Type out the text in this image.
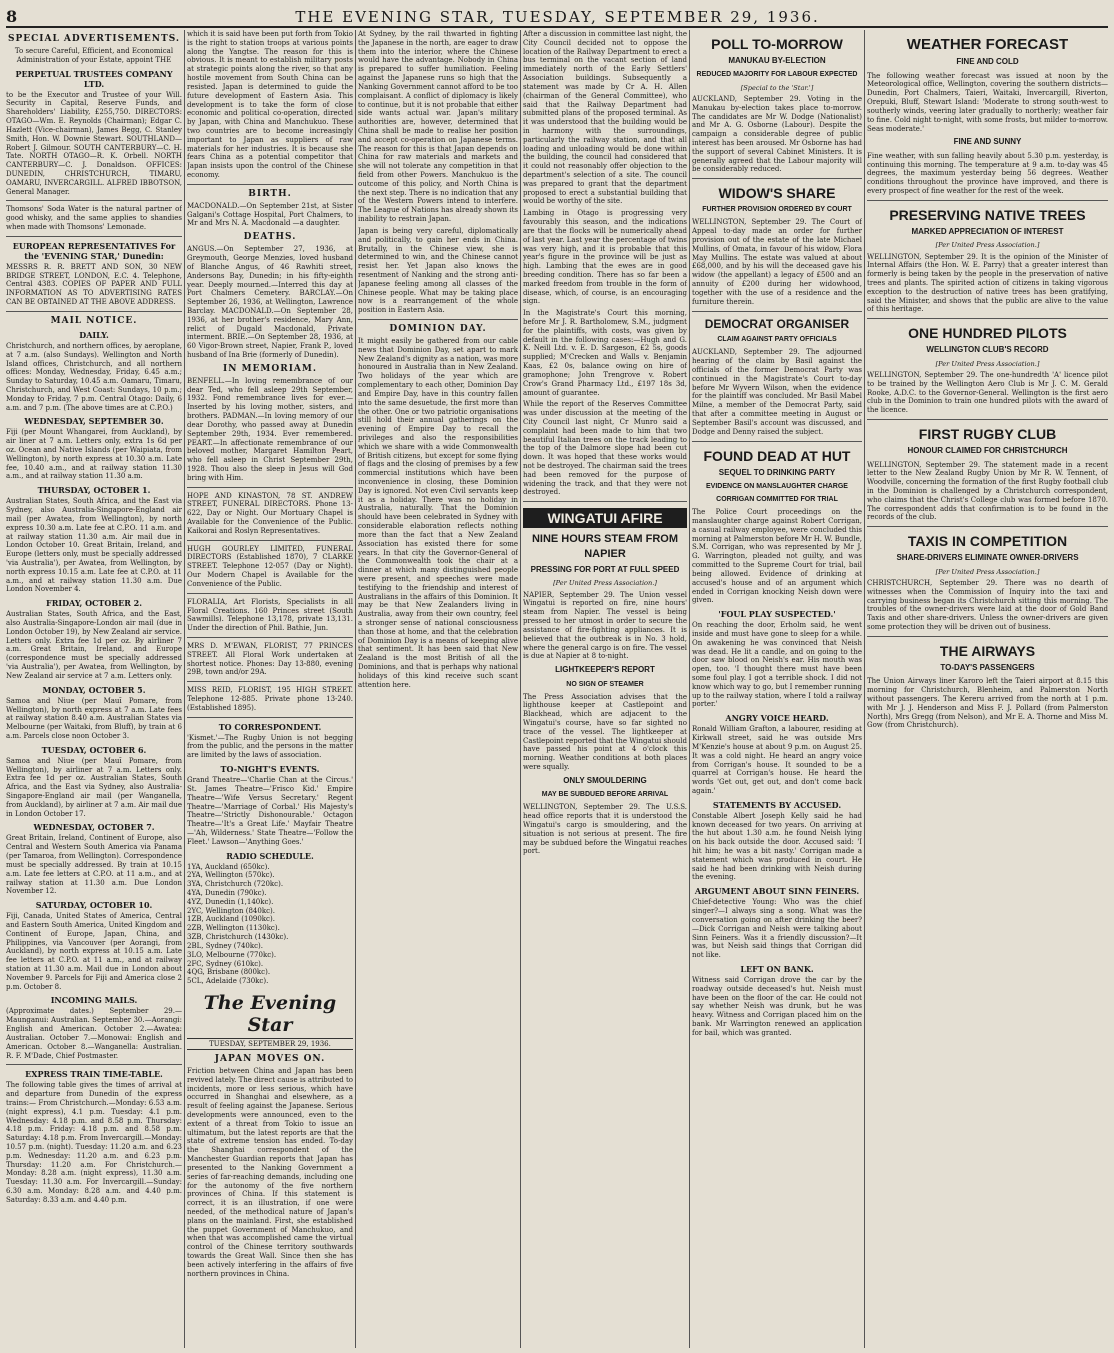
8	THE EVENING STAR, TUESDAY, SEPTEMBER 29, 1936.
SPECIAL ADVERTISEMENTS.

To secure Careful, Efficient, and Economical Administration of your Estate, appoint THE

PERPETUAL TRUSTEES COMPANY LTD.

to be the Executor and Trustee of your Will. Security in Capital, Reserve Funds, and Shareholders' Liability, £255,750. DIRECTORS: OTAGO—Wm. E. Reynolds (Chairman); Edgar C. Hazlett (Vice-chairman), James Begg, C. Stanley Smith, Hon. W. Downie Stewart. SOUTHLAND—Robert J. Gilmour. SOUTH CANTERBURY—C. H. Tate. NORTH OTAGO—R. K. Orbell. NORTH CANTERBURY—C. J. Donaldson. OFFICES: DUNEDIN, CHRISTCHURCH, TIMARU, OAMARU, INVERCARGILL. ALFRED IBBOTSON, General Manager.

Thomsons' Soda Water is the natural partner of good whisky, and the same applies to shandies when made with Thomsons' Lemonade.

EUROPEAN REPRESENTATIVES For the 'EVENING STAR,' Dunedin:

MESSRS R. R. BRETT AND SON, 30 NEW BRIDGE STREET, LONDON, E.C. 4. Telephone, Central 4383. COPIES OF PAPER AND FULL INFORMATION AS TO ADVERTISING RATES CAN BE OBTAINED AT THE ABOVE ADDRESS.

MAIL NOTICE.
DAILY.

Christchurch, and northern offices, by aeroplane, at 7 a.m. (also Sundays). Wellington and North Island offices, Christchurch, and all northern offices: Monday, Wednesday, Friday, 6.45 a.m.; Sunday to Saturday, 10.45 a.m. Oamaru, Timaru, Christchurch, and West Coast: Sundays, 10 p.m.; Monday to Friday, 7 p.m. Central Otago: Daily, 6 a.m. and 7 p.m. (The above times are at C.P.O.)

WEDNESDAY, SEPTEMBER 30.

Fiji (per Mount Whangarei, from Auckland), by air liner at 7 a.m. Letters only, extra 1s 6d per oz. Ocean and Native Islands (per Waipiata, from Wellington), by north express at 10.30 a.m. Late fee, 10.40 a.m., and at railway station 11.30 a.m., and at railway station 11.30 a.m.

THURSDAY, OCTOBER 1.

Australian States, South Africa, and the East via Sydney, also Australia-Singapore-England air mail (per Awatea, from Wellington), by north express 10.30 a.m. Late fee at C.P.O. 11 a.m. and at railway station 11.30 a.m. Air mail due in London October 10. Great Britain, Ireland, and Europe (letters only, must be specially addressed 'via Australia'), per Awatea, from Wellington, by north express 10.15 a.m. Late fee at C.P.O. at 11 a.m., and at railway station 11.30 a.m. Due London November 4.

FRIDAY, OCTOBER 2.

Australian States, South Africa, and the East, also Australia-Singapore-London air mail (due in London October 19), by New Zealand air service. Letters only. Extra fee 1d per oz. By airliner 7 a.m. Great Britain, Ireland, and Europe (correspondence must be specially addressed 'via Australia'), per Awatea, from Wellington, by New Zealand air service at 7 a.m. Letters only.

MONDAY, OCTOBER 5.

Samoa and Niue (per Mauī Pomare, from Wellington), by north express at 7 a.m. Late fees at railway station 8.40 a.m. Australian States via Melbourne (per Waitaki, from Bluff), by train at 6 a.m. Parcels close noon October 3.

TUESDAY, OCTOBER 6.

Samoa and Niue (per Mauī Pomare, from Wellington), by airliner at 7 a.m. Letters only. Extra fee 1d per oz. Australian States, South Africa, and the East via Sydney, also Australia-Singapore-England air mail (per Wanganella, from Auckland), by airliner at 7 a.m. Air mail due in London October 17.

WEDNESDAY, OCTOBER 7.

Great Britain, Ireland, Continent of Europe, also Central and Western South America via Panama (per Tamaroa, from Wellington). Correspondence must be specially addressed. By train at 10.15 a.m. Late fee letters at C.P.O. at 11 a.m., and at railway station at 11.30 a.m. Due London November 12.

SATURDAY, OCTOBER 10.

Fiji, Canada, United States of America, Central and Eastern South America, United Kingdom and Continent of Europe, Japan, China, and Philippines, via Vancouver (per Aorangi, from Auckland), by north express at 10.15 a.m. Late fee letters at C.P.O. at 11 a.m., and at railway station at 11.30 a.m. Mail due in London about November 9. Parcels for Fiji and America close 2 p.m. October 8.

INCOMING MAILS.

(Approximate dates.) September 29.—Maunganui: Australian. September 30.—Aorangi: English and American. October 2.—Awatea: Australian. October 7.—Monowai: English and American. October 8.—Wanganella: Australian. R. F. M'Dade, Chief Postmaster.

EXPRESS TRAIN TIME-TABLE.

The following table gives the times of arrival at and departure from Dunedin of the express trains:— From Christchurch.—Monday: 6.53 a.m. (night express), 4.1 p.m. Tuesday: 4.1 p.m. Wednesday: 4.18 p.m. and 8.58 p.m. Thursday: 4.18 p.m. Friday: 4.18 p.m. and 8.58 p.m. Saturday: 4.18 p.m. From Invercargill.—Monday: 10.57 p.m. (night). Tuesday: 11.20 a.m. and 6.23 p.m. Wednesday: 11.20 a.m. and 6.23 p.m. Thursday: 11.20 a.m. For Christchurch.—Monday: 8.28 a.m. (night express), 11.30 a.m. Tuesday: 11.30 a.m. For Invercargill.—Sunday: 6.30 a.m. Monday: 8.28 a.m. and 4.40 p.m. Saturday: 8.33 a.m. and 4.40 p.m.

which it is said have been put forth from Tokio is the right to station troops at various points along the Yangtse. The reason for this is obvious. It is meant to establish military posts at strategic points along the river, so that any hostile movement from South China can be resisted. Japan is determined to guide the future development of Eastern Asia. This development is to take the form of close economic and political co-operation, directed by Japan, with China and Manchukuo. These two countries are to become increasingly important to Japan as suppliers of raw materials for her industries. It is because she fears China as a potential competitor that Japan insists upon the control of the Chinese economy.

BIRTH.

MACDONALD.—On September 21st, at Sister Galgani's Cottage Hospital, Port Chalmers, to Mr and Mrs N. A. Macdonald —a daughter.

DEATHS.

ANGUS.—On September 27, 1936, at Greymouth, George Menzies, loved husband of Blanche Angus, of 46 Rawhiti street, Andersons Bay, Dunedin; in his fifty-eighth year. Deeply mourned.—Interred this day at Port Chalmers Cemetery. BARCLAY.—On September 26, 1936, at Wellington, Lawrence Barclay. MACDONALD.—On September 28, 1936, at her brother's residence, Mary Ann, relict of Dugald Macdonald, Private interment. BRIE.—On September 28, 1936, at 60 Vigor-Brown street, Napier, Frank P., loved husband of Ina Brie (formerly of Dunedin).

IN MEMORIAM.

BENFELL.—In loving remembrance of our dear Ted, who fell asleep 29th September, 1932. Fond remembrance lives for ever.—Inserted by his loving mother, sisters, and brothers. PADMAN.—In loving memory of our dear Dorothy, who passed away at Dunedin September 29th, 1934. Ever remembered. PEART.—In affectionate remembrance of our beloved mother, Margaret Hamilton Peart, who fell asleep in Christ September 29th, 1928. Thou also the sleep in Jesus will God bring with Him.

HOPE AND KINASTON, 78 ST. ANDREW STREET, FUNERAL DIRECTORS. Phone 13-622, Day or Night. Our Mortuary Chapel is Available for the Convenience of the Public. Kaikorai and Roslyn Representatives.

HUGH GOURLEY LIMITED, FUNERAL DIRECTORS (Established 1870), 7 CLARKE STREET. Telephone 12-057 (Day or Night). Our Modern Chapel is Available for the Convenience of the Public.

FLORALIA, Art Florists, Specialists in all Floral Creations. 160 Princes street (South Sawmills). Telephone 13,178, private 13,131. Under the direction of Phil. Bathie, Jun.

MRS D. M'EWAN, FLORIST, 77 PRINCES STREET. All Floral Work undertaken at shortest notice. Phones: Day 13-880, evening 29B, town and/or 29A.

MISS REID, FLORIST, 195 HIGH STREET. Telephone 12-885. Private phone 13-240. (Established 1895).

TO CORRESPONDENT.

'Kismet.'—The Rugby Union is not begging from the public, and the persons in the matter are limited by the laws of association.

TO-NIGHT'S EVENTS.

Grand Theatre—'Charlie Chan at the Circus.' St. James Theatre—'Frisco Kid.' Empire Theatre—'Wife Versus Secretary.' Regent Theatre—'Marriage of Corbal.' His Majesty's Theatre—'Strictly Dishonourable.' Octagon Theatre—'It's a Great Life.' Mayfair Theatre—'Ah, Wilderness.' State Theatre—'Follow the Fleet.' Lawson—'Anything Goes.'

RADIO SCHEDULE.

1YA, Auckland (650kc).

2YA, Wellington (570kc).

3YA, Christchurch (720kc).

4YA, Dunedin (790kc).

4YZ, Dunedin (1,140kc).

2YC, Wellington (840kc).

1ZB, Auckland (1090kc).

2ZB, Wellington (1130kc).

3ZB, Christchurch (1430kc).

2BL, Sydney (740kc).

3LO, Melbourne (770kc).

2FC, Sydney (610kc).

4QG, Brisbane (800kc).

5CL, Adelaide (730kc).

The Evening Star
TUESDAY, SEPTEMBER 29, 1936.
JAPAN MOVES ON.

Friction between China and Japan has been revived lately. The direct cause is attributed to incidents, more or less serious, which have occurred in Shanghai and elsewhere, as a result of feeling against the Japanese. Serious developments were announced, even to the extent of a threat from Tokio to issue an ultimatum, but the latest reports are that the state of extreme tension has ended. To-day the Shanghai correspondent of the Manchester Guardian reports that Japan has presented to the Nanking Government a series of far-reaching demands, including one for the autonomy of the five northern provinces of China. If this statement is correct, it is an illustration, if one were needed, of the methodical nature of Japan's plans on the mainland. First, she established the puppet Government of Manchukuo, and when that was accomplished came the virtual control of the Chinese territory southwards towards the Great Wall. Since then she has been actively interfering in the affairs of five northern provinces in China.

At Sydney, by the rail thwarted in fighting the Japanese in the north, are eager to draw them into the interior, where the Chinese would have the advantage. Nobody in China is prepared to suffer humiliation. Feeling against the Japanese runs so high that the Nanking Government cannot afford to be too complaisant. A conflict of diplomacy is likely to continue, but it is not probable that either side wants actual war. Japan's military authorities are, however, determined that China shall be made to realise her position and accept co-operation on Japanese terms. The reason for this is that Japan depends on China for raw materials and markets and she will not tolerate any competition in that field from other Powers. Manchukuo is the outcome of this policy, and North China is the next step. There is no indication that any of the Western Powers intend to interfere. The League of Nations has already shown its inability to restrain Japan.

Japan is being very careful, diplomatically and politically, to gain her ends in China. Brutally, in the Chinese view, she is determined to win, and the Chinese cannot resist her. Yet Japan also knows the resentment of Nanking and the strong anti-Japanese feeling among all classes of the Chinese people. What may be taking place now is a rearrangement of the whole position in Eastern Asia.

DOMINION DAY.

It might easily be gathered from our cable news that Dominion Day, set apart to mark New Zealand's dignity as a nation, was more honoured in Australia than in New Zealand. Two holidays of the year which are complementary to each other, Dominion Day and Empire Day, have in this country fallen into the same desuetude, the first more than the other. One or two patriotic organisations still hold their annual gatherings on the evening of Empire Day to recall the privileges and also the responsibilities which we share with a wide Commonwealth of British citizens, but except for some flying of flags and the closing of premises by a few commercial institutions which have been inconvenience in closing, these Dominion Day is ignored. Not even Civil servants keep it as a holiday. There was no holiday in Australia, naturally. That the Dominion should have been celebrated in Sydney with considerable elaboration reflects nothing more than the fact that a New Zealand Association has existed there for some years. In that city the Governor-General of the Commonwealth took the chair at a dinner at which many distinguished people were present, and speeches were made testifying to the friendship and interest of Australians in the affairs of this Dominion. It may be that New Zealanders living in Australia, away from their own country, feel a stronger sense of national consciousness than those at home, and that the celebration of Dominion Day is a means of keeping alive that sentiment. It has been said that New Zealand is the most British of all the Dominions, and that is perhaps why national holidays of this kind receive such scant attention here.

After a discussion in committee last night, the City Council decided not to oppose the location of the Railway Department to erect a bus terminal on the vacant section of land immediately north of the Early Settlers' Association buildings. Subsequently a statement was made by Cr A. H. Allen (chairman of the General Committee), who said that the Railway Department had submitted plans of the proposed terminal. As it was understood that the building would be in harmony with the surroundings, particularly the railway station, and that all loading and unloading would be done within the building, the council had considered that it could not reasonably offer objection to the department's selection of a site. The council was prepared to grant that the department proposed to erect a substantial building that would be worthy of the site.

Lambing in Otago is progressing very favourably this season, and the indications are that the flocks will be numerically ahead of last year. Last year the percentage of twins was very high, and it is probable that this year's figure in the province will be just as high. Lambing that the ewes are in good breeding condition. There has so far been a marked freedom from trouble in the form of disease, which, of course, is an encouraging sign.

In the Magistrate's Court this morning, before Mr J. R. Bartholomew, S.M., judgment for the plaintiffs, with costs, was given by default in the following cases:—Hugh and G. K. Neill Ltd. v. E. D. Sargeson, £2 5s, goods supplied; M'Crecken and Walls v. Benjamin Kaas, £2 0s, balance owing on hire of gramophone; John Trengrove v. Robert Crow's Grand Pharmacy Ltd., £197 18s 3d, amount of guarantee.

While the report of the Reserves Committee was under discussion at the meeting of the City Council last night, Cr Munro said a complaint had been made to him that two beautiful Italian trees on the track leading to the top of the Dalmore slope had been cut down. It was hoped that these works would not be destroyed. The chairman said the trees had been removed for the purpose of widening the track, and that they were not destroyed.

WINGATUI AFIRE
NINE HOURS STEAM FROM NAPIER
PRESSING FOR PORT AT FULL SPEED

[Per United Press Association.]

NAPIER, September 29. The Union vessel Wingatui is reported on fire, nine hours' steam from Napier. The vessel is being pressed to her utmost in order to secure the assistance of fire-fighting appliances. It is believed that the outbreak is in No. 3 hold, where the general cargo is on fire. The vessel is due at Napier at 8 to-night.

LIGHTKEEPER'S REPORT
NO SIGN OF STEAMER

The Press Association advises that the lighthouse keeper at Castlepoint and Blackhead, which are adjacent to the Wingatui's course, have so far sighted no trace of the vessel. The lightkeeper at Castlepoint reported that the Wingatui should have passed his point at 4 o'clock this morning. Weather conditions at both places were squally.

ONLY SMOULDERING
MAY BE SUBDUED BEFORE ARRIVAL

WELLINGTON, September 29. The U.S.S. head office reports that it is understood the Wingatui's cargo is smouldering, and the situation is not serious at present. The fire may be subdued before the Wingatui reaches port.

POLL TO-MORROW
MANUKAU BY-ELECTION
REDUCED MAJORITY FOR LABOUR EXPECTED

[Special to the 'Star.']

AUCKLAND, September 29. Voting in the Manukau by-election takes place to-morrow. The candidates are Mr W. Dodge (Nationalist) and Mr A. G. Osborne (Labour). Despite the campaign a considerable degree of public interest has been aroused. Mr Osborne has had the support of several Cabinet Ministers. It is generally agreed that the Labour majority will be considerably reduced.

WIDOW'S SHARE
FURTHER PROVISION ORDERED BY COURT

WELLINGTON, September 29. The Court of Appeal to-day made an order for further provision out of the estate of the late Michael Mullins, of Omata, in favour of his widow, Flora May Mullins. The estate was valued at about £68,000, and by his will the deceased gave his widow (the appellant) a legacy of £500 and an annuity of £200 during her widowhood, together with the use of a residence and the furniture therein.

DEMOCRAT ORGANISER
CLAIM AGAINST PARTY OFFICIALS

AUCKLAND, September 29. The adjourned hearing of the claim by Basil against the officials of the former Democrat Party was continued in the Magistrate's Court to-day before Mr Wyvern Wilson, when the evidence for the plaintiff was concluded. Mr Basil Mabel Milne, a member of the Democrat Party, said that after a committee meeting in August or September Basil's account was discussed, and Dodge and Denny raised the subject.

FOUND DEAD AT HUT
SEQUEL TO DRINKING PARTY
EVIDENCE ON MANSLAUGHTER CHARGE
CORRIGAN COMMITTED FOR TRIAL

The Police Court proceedings on the manslaughter charge against Robert Corrigan, a casual railway employee, were concluded this morning at Palmerston before Mr H. W. Bundle, S.M. Corrigan, who was represented by Mr J. G. Warrington, pleaded not guilty, and was committed to the Supreme Court for trial, bail being allowed. Evidence of drinking at accused's house and of an argument which ended in Corrigan knocking Neish down were given.

'FOUL PLAY SUSPECTED.'

On reaching the door, Erholm said, he went inside and must have gone to sleep for a while. On awakening he was convinced that Neish was dead. He lit a candle, and on going to the door saw blood on Neish's ear. His mouth was open, too. 'I thought there must have been some foul play. I got a terrible shock. I did not know which way to go, but I remember running up to the railway station, where I told a railway porter.'

ANGRY VOICE HEARD.

Ronald William Grafton, a labourer, residing at Kirkwall street, said he was outside Mrs M'Kenzie's house at about 9 p.m. on August 25. It was a cold night. He heard an angry voice from Corrigan's house. It sounded to be a quarrel at Corrigan's house. He heard the words 'Get out, get out, and don't come back again.'

STATEMENTS BY ACCUSED.

Constable Albert Joseph Kelly said he had known deceased for two years. On arriving at the hut about 1.30 a.m. he found Neish lying on his back outside the door. Accused said: 'I hit him; he was a bit nasty.' Corrigan made a statement which was produced in court. He said he had been drinking with Neish during the evening.

ARGUMENT ABOUT SINN FEINERS.

Chief-detective Young: Who was the chief singer?—I always sing a song. What was the conversation going on after drinking the beer?—Dick Corrigan and Neish were talking about Sinn Feiners. Was it a friendly discussion?—It was, but Neish said things that Corrigan did not like.

LEFT ON BANK.

Witness said Corrigan drove the car by the roadway outside deceased's hut. Neish must have been on the floor of the car. He could not say whether Neish was drunk, but he was heavy. Witness and Corrigan placed him on the bank. Mr Warrington renewed an application for bail, which was granted.

WEATHER FORECAST
FINE AND COLD

The following weather forecast was issued at noon by the Meteorological office, Wellington, covering the southern districts—Dunedin, Port Chalmers, Taieri, Waitaki, Invercargill, Riverton, Orepuki, Bluff, Stewart Island: 'Moderate to strong south-west to southerly winds, veering later gradually to northerly; weather fair to fine. Cold night to-night, with some frosts, but milder to-morrow. Seas moderate.'

FINE AND SUNNY

Fine weather, with sun falling heavily about 5.30 p.m. yesterday, is continuing this morning. The temperature at 9 a.m. to-day was 45 degrees, the maximum yesterday being 56 degrees. Weather conditions throughout the province have improved, and there is every prospect of fine weather for the rest of the week.

PRESERVING NATIVE TREES
MARKED APPRECIATION OF INTEREST

[Per United Press Association.]

WELLINGTON, September 29. It is the opinion of the Minister of Internal Affairs (the Hon. W. E. Parry) that a greater interest than formerly is being taken by the people in the preservation of native trees and plants. The spirited action of citizens in taking vigorous exception to the destruction of native trees has been gratifying, said the Minister, and shows that the public are alive to the value of this heritage.

ONE HUNDRED PILOTS
WELLINGTON CLUB'S RECORD

[Per United Press Association.]

WELLINGTON, September 29. The one-hundredth 'A' licence pilot to be trained by the Wellington Aero Club is Mr J. C. M. Gerald Rooke, A.D.C. to the Governor-General. Wellington is the first aero club in the Dominion to train one hundred pilots with the award of the licence.

FIRST RUGBY CLUB
HONOUR CLAIMED FOR CHRISTCHURCH

WELLINGTON, September 29. The statement made in a recent letter to the New Zealand Rugby Union by Mr R. W. Tennent, of Woodville, concerning the formation of the first Rugby football club in the Dominion is challenged by a Christchurch correspondent, who claims that the Christ's College club was formed before 1870. The correspondent adds that confirmation is to be found in the records of the club.

TAXIS IN COMPETITION
SHARE-DRIVERS ELIMINATE OWNER-DRIVERS

[Per United Press Association.]

CHRISTCHURCH, September 29. There was no dearth of witnesses when the Commission of Inquiry into the taxi and carrying business began its Christchurch sitting this morning. The troubles of the owner-drivers were laid at the door of Gold Band Taxis and other share-drivers. Unless the owner-drivers are given some protection they will be driven out of business.

THE AIRWAYS
TO-DAY'S PASSENGERS

The Union Airways liner Karoro left the Taieri airport at 8.15 this morning for Christchurch, Blenheim, and Palmerston North without passengers. The Kereru arrived from the north at 1 p.m. with Mr J. J. Henderson and Miss F. J. Pollard (from Palmerston North), Mrs Gregg (from Nelson), and Mr E. A. Thorne and Miss M. Gow (from Christchurch).
